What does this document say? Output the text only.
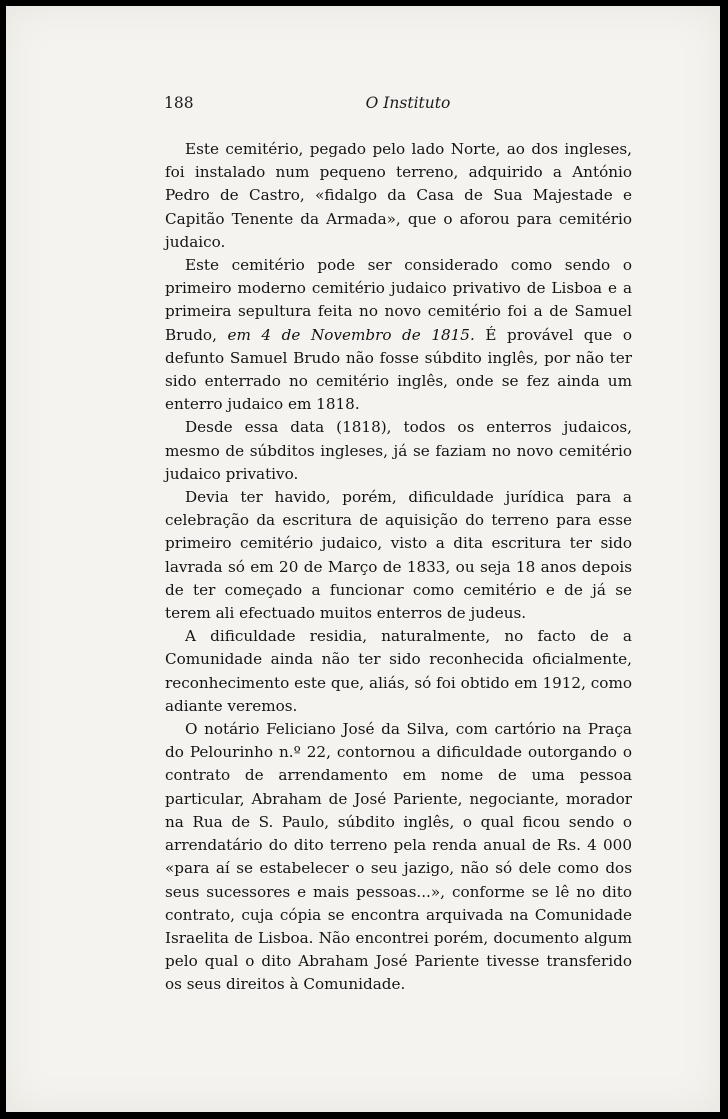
188	O Instituto

Este cemitério, pegado pelo lado Norte, ao dos ingleses, foi instalado num pequeno terreno, adquirido a António Pedro de Castro, «fidalgo da Casa de Sua Majestade e Capitão Tenente da Armada», que o aforou para cemitério judaico.

Este cemitério pode ser considerado como sendo o primeiro moderno cemitério judaico privativo de Lisboa e a primeira sepultura feita no novo cemitério foi a de Samuel Brudo, em 4 de Novembro de 1815. É provável que o defunto Samuel Brudo não fosse súbdito inglês, por não ter sido enterrado no cemitério inglês, onde se fez ainda um enterro judaico em 1818.

Desde essa data (1818), todos os enterros judaicos, mesmo de súbditos ingleses, já se faziam no novo cemitério judaico privativo.

Devia ter havido, porém, dificuldade jurídica para a celebração da escritura de aquisição do terreno para esse primeiro cemitério judaico, visto a dita escritura ter sido lavrada só em 20 de Março de 1833, ou seja 18 anos depois de ter começado a funcionar como cemitério e de já se terem ali efectuado muitos enterros de judeus.

A dificuldade residia, naturalmente, no facto de a Comunidade ainda não ter sido reconhecida oficialmente, reconhecimento este que, aliás, só foi obtido em 1912, como adiante veremos.

O notário Feliciano José da Silva, com cartório na Praça do Pelourinho n.º 22, contornou a dificuldade outorgando o contrato de arrendamento em nome de uma pessoa particular, Abraham de José Pariente, negociante, morador na Rua de S. Paulo, súbdito inglês, o qual ficou sendo o arrendatário do dito terreno pela renda anual de Rs. 4 000 «para aí se estabelecer o seu jazigo, não só dele como dos seus sucessores e mais pessoas...», conforme se lê no dito contrato, cuja cópia se encontra arquivada na Comunidade Israelita de Lisboa. Não encontrei porém, documento algum pelo qual o dito Abraham José Pariente tivesse transferido os seus direitos à Comunidade.
